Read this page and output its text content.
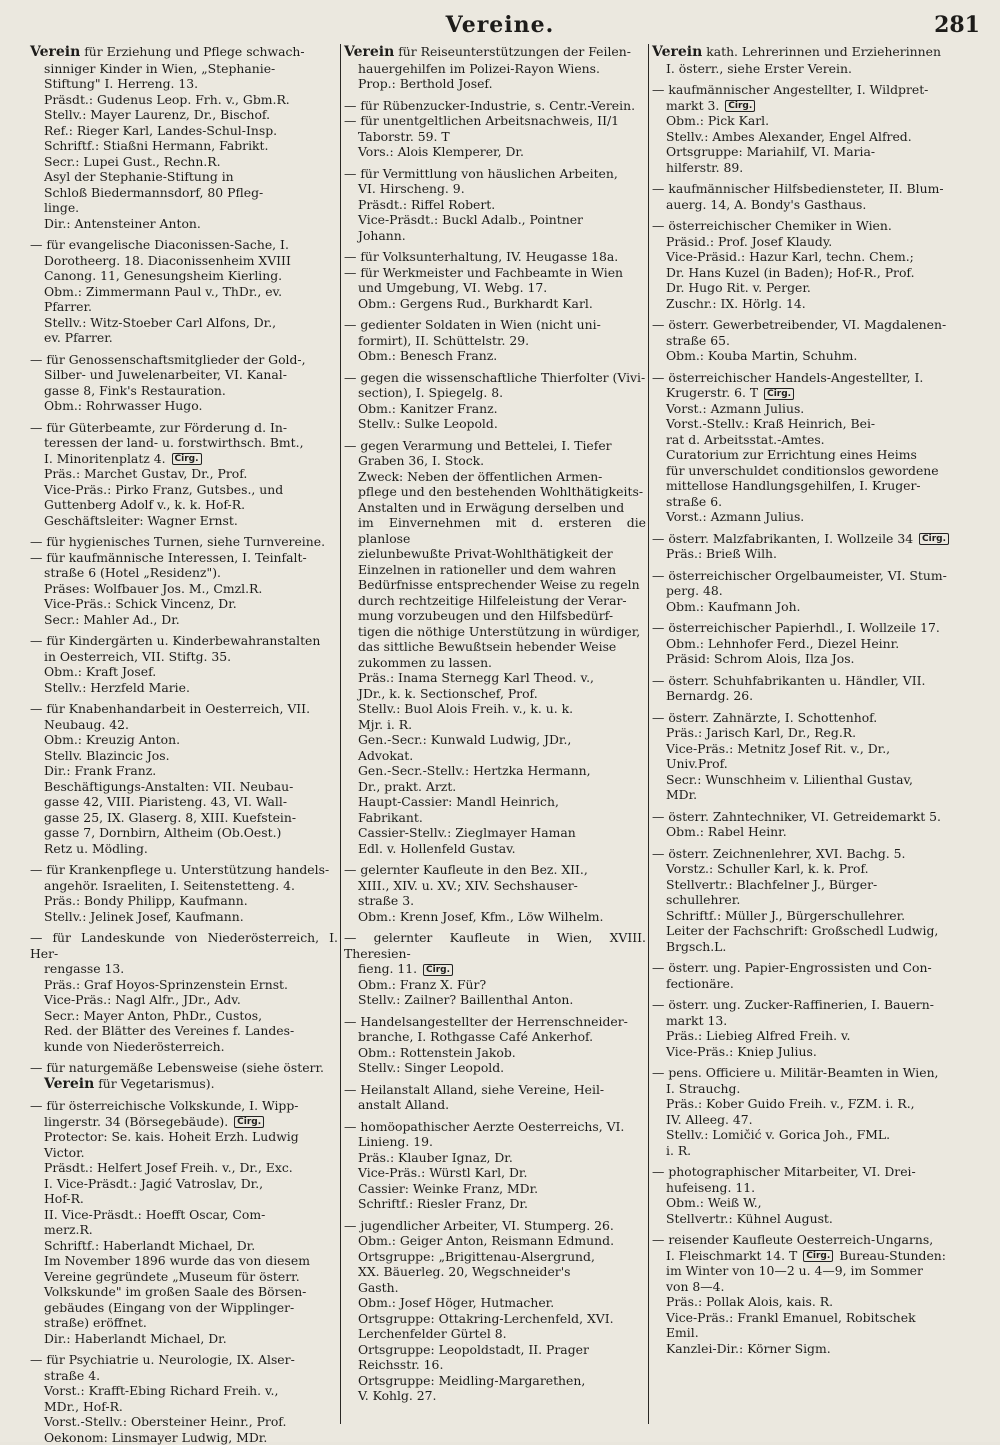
Vereine.	281
Verein für Erziehung und Pflege schwach-
sinniger Kinder in Wien, „Stephanie-
Stiftung" I. Herreng. 13.
Präsdt.: Gudenus Leop. Frh. v., Gbm.R.
Stellv.: Mayer Laurenz, Dr., Bischof.
Ref.: Rieger Karl, Landes-Schul-Insp.
Schriftf.: Stiaßni Hermann, Fabrikt.
Secr.: Lupei Gust., Rechn.R.
Asyl der Stephanie-Stiftung in
Schloß Biedermannsdorf, 80 Pfleg-
linge.
Dir.: Antensteiner Anton.
— für evangelische Diaconissen-Sache, I.
Dorotheerg. 18. Diaconissenheim XVIII
Canong. 11, Genesungsheim Kierling.
Obm.: Zimmermann Paul v., ThDr., ev.
Pfarrer.
Stellv.: Witz-Stoeber Carl Alfons, Dr.,
ev. Pfarrer.
— für Genossenschaftsmitglieder der Gold-,
Silber- und Juwelenarbeiter, VI. Kanal-
gasse 8, Fink's Restauration.
Obm.: Rohrwasser Hugo.
— für Güterbeamte, zur Förderung d. In-
teressen der land- u. forstwirthsch. Bmt.,
I. Minoritenplatz 4. Cirg.
Präs.: Marchet Gustav, Dr., Prof.
Vice-Präs.: Pirko Franz, Gutsbes., und
Guttenberg Adolf v., k. k. Hof-R.
Geschäftsleiter: Wagner Ernst.
— für hygienisches Turnen, siehe Turnvereine.
— für kaufmännische Interessen, I. Teinfalt-
straße 6 (Hotel „Residenz").
Präses: Wolfbauer Jos. M., Cmzl.R.
Vice-Präs.: Schick Vincenz, Dr.
Secr.: Mahler Ad., Dr.
— für Kindergärten u. Kinderbewahranstalten
in Oesterreich, VII. Stiftg. 35.
Obm.: Kraft Josef.
Stellv.: Herzfeld Marie.
— für Knabenhandarbeit in Oesterreich, VII.
Neubaug. 42.
Obm.: Kreuzig Anton.
Stellv. Blazincic Jos.
Dir.: Frank Franz.
Beschäftigungs-Anstalten: VII. Neubau-
gasse 42, VIII. Piaristeng. 43, VI. Wall-
gasse 25, IX. Glaserg. 8, XIII. Kuefstein-
gasse 7, Dornbirn, Altheim (Ob.Oest.)
Retz u. Mödling.
— für Krankenpflege u. Unterstützung handels-
angehör. Israeliten, I. Seitenstetteng. 4.
Präs.: Bondy Philipp, Kaufmann.
Stellv.: Jelinek Josef, Kaufmann.
— für Landeskunde von Niederösterreich, I. Her-
rengasse 13.
Präs.: Graf Hoyos-Sprinzenstein Ernst.
Vice-Präs.: Nagl Alfr., JDr., Adv.
Secr.: Mayer Anton, PhDr., Custos,
Red. der Blätter des Vereines f. Landes-
kunde von Niederösterreich.
— für naturgemäße Lebensweise (siehe österr.
Verein für Vegetarismus).
— für österreichische Volkskunde, I. Wipp-
lingerstr. 34 (Börsegebäude). Cirg.
Protector: Se. kais. Hoheit Erzh. Ludwig
Victor.
Präsdt.: Helfert Josef Freih. v., Dr., Exc.
I. Vice-Präsdt.: Jagić Vatroslav, Dr.,
Hof-R.
II. Vice-Präsdt.: Hoefft Oscar, Com-
merz.R.
Schriftf.: Haberlandt Michael, Dr.
Im November 1896 wurde das von diesem
Vereine gegründete „Museum für österr.
Volkskunde" im großen Saale des Börsen-
gebäudes (Eingang von der Wipplinger-
straße) eröffnet.
Dir.: Haberlandt Michael, Dr.
— für Psychiatrie u. Neurologie, IX. Alser-
straße 4.
Vorst.: Krafft-Ebing Richard Freih. v.,
MDr., Hof-R.
Vorst.-Stellv.: Obersteiner Heinr., Prof.
Oekonom: Linsmayer Ludwig, MDr.
Verein für Reiseunterstützungen der Feilen-
hauergehilfen im Polizei-Rayon Wiens.
Prop.: Berthold Josef.
— für Rübenzucker-Industrie, s. Centr.-Verein.
— für unentgeltlichen Arbeitsnachweis, II/1
Taborstr. 59. T
Vors.: Alois Klemperer, Dr.
— für Vermittlung von häuslichen Arbeiten,
VI. Hirscheng. 9.
Präsdt.: Riffel Robert.
Vice-Präsdt.: Buckl Adalb., Pointner
Johann.
— für Volksunterhaltung, IV. Heugasse 18a.
— für Werkmeister und Fachbeamte in Wien
und Umgebung, VI. Webg. 17.
Obm.: Gergens Rud., Burkhardt Karl.
— gedienter Soldaten in Wien (nicht uni-
formirt), II. Schüttelstr. 29.
Obm.: Benesch Franz.
— gegen die wissenschaftliche Thierfolter (Vivi-
section), I. Spiegelg. 8.
Obm.: Kanitzer Franz.
Stellv.: Sulke Leopold.
— gegen Verarmung und Bettelei, I. Tiefer
Graben 36, I. Stock.
Zweck: Neben der öffentlichen Armen-
pflege und den bestehenden Wohlthätigkeits-
Anstalten und in Erwägung derselben und
im Einvernehmen mit d. ersteren die planlose
zielunbewußte Privat-Wohlthätigkeit der
Einzelnen in rationeller und dem wahren
Bedürfnisse entsprechender Weise zu regeln
durch rechtzeitige Hilfeleistung der Verar-
mung vorzubeugen und den Hilfsbedürf-
tigen die nöthige Unterstützung in würdiger,
das sittliche Bewußtsein hebender Weise
zukommen zu lassen.
Präs.: Inama Sternegg Karl Theod. v.,
JDr., k. k. Sectionschef, Prof.
Stellv.: Buol Alois Freih. v., k. u. k.
Mjr. i. R.
Gen.-Secr.: Kunwald Ludwig, JDr.,
Advokat.
Gen.-Secr.-Stellv.: Hertzka Hermann,
Dr., prakt. Arzt.
Haupt-Cassier: Mandl Heinrich,
Fabrikant.
Cassier-Stellv.: Zieglmayer Haman
Edl. v. Hollenfeld Gustav.
— gelernter Kaufleute in den Bez. XII.,
XIII., XIV. u. XV.; XIV. Sechshauser-
straße 3.
Obm.: Krenn Josef, Kfm., Löw Wilhelm.
— gelernter Kaufleute in Wien, XVIII. Theresien-
fieng. 11. Cirg.
Obm.: Franz X. Für?
Stellv.: Zailner? Baillenthal Anton.
— Handelsangestellter der Herrenschneider-
branche, I. Rothgasse Café Ankerhof.
Obm.: Rottenstein Jakob.
Stellv.: Singer Leopold.
— Heilanstalt Alland, siehe Vereine, Heil-
anstalt Alland.
— homöopathischer Aerzte Oesterreichs, VI.
Linieng. 19.
Präs.: Klauber Ignaz, Dr.
Vice-Präs.: Würstl Karl, Dr.
Cassier: Weinke Franz, MDr.
Schriftf.: Riesler Franz, Dr.
— jugendlicher Arbeiter, VI. Stumperg. 26.
Obm.: Geiger Anton, Reismann Edmund.
Ortsgruppe: „Brigittenau-Alsergrund,
XX. Bäuerleg. 20, Wegschneider's
Gasth.
Obm.: Josef Höger, Hutmacher.
Ortsgruppe: Ottakring-Lerchenfeld, XVI.
Lerchenfelder Gürtel 8.
Ortsgruppe: Leopoldstadt, II. Prager
Reichsstr. 16.
Ortsgruppe: Meidling-Margarethen,
V. Kohlg. 27.
Verein kath. Lehrerinnen und Erzieherinnen
I. österr., siehe Erster Verein.
— kaufmännischer Angestellter, I. Wildpret-
markt 3. Cirg.
Obm.: Pick Karl.
Stellv.: Ambes Alexander, Engel Alfred.
Ortsgruppe: Mariahilf, VI. Maria-
hilferstr. 89.
— kaufmännischer Hilfsbediensteter, II. Blum-
auerg. 14, A. Bondy's Gasthaus.
— österreichischer Chemiker in Wien.
Präsid.: Prof. Josef Klaudy.
Vice-Präsid.: Hazur Karl, techn. Chem.;
Dr. Hans Kuzel (in Baden); Hof-R., Prof.
Dr. Hugo Rit. v. Perger.
Zuschr.: IX. Hörlg. 14.
— österr. Gewerbetreibender, VI. Magdalenen-
straße 65.
Obm.: Kouba Martin, Schuhm.
— österreichischer Handels-Angestellter, I.
Krugerstr. 6. T Cirg.
Vorst.: Azmann Julius.
Vorst.-Stellv.: Kraß Heinrich, Bei-
rat d. Arbeitsstat.-Amtes.
Curatorium zur Errichtung eines Heims
für unverschuldet conditionslos gewordene
mittellose Handlungsgehilfen, I. Kruger-
straße 6.
Vorst.: Azmann Julius.
— österr. Malzfabrikanten, I. Wollzeile 34 Cirg.
Präs.: Brieß Wilh.
— österreichischer Orgelbaumeister, VI. Stum-
perg. 48.
Obm.: Kaufmann Joh.
— österreichischer Papierhdl., I. Wollzeile 17.
Obm.: Lehnhofer Ferd., Diezel Heinr.
Präsid: Schrom Alois, Ilza Jos.
— österr. Schuhfabrikanten u. Händler, VII.
Bernardg. 26.
— österr. Zahnärzte, I. Schottenhof.
Präs.: Jarisch Karl, Dr., Reg.R.
Vice-Präs.: Metnitz Josef Rit. v., Dr.,
Univ.Prof.
Secr.: Wunschheim v. Lilienthal Gustav,
MDr.
— österr. Zahntechniker, VI. Getreidemarkt 5.
Obm.: Rabel Heinr.
— österr. Zeichnenlehrer, XVI. Bachg. 5.
Vorstz.: Schuller Karl, k. k. Prof.
Stellvertr.: Blachfelner J., Bürger-
schullehrer.
Schriftf.: Müller J., Bürgerschullehrer.
Leiter der Fachschrift: Großschedl Ludwig,
Brgsch.L.
— österr. ung. Papier-Engrossisten und Con-
fectionäre.
— österr. ung. Zucker-Raffinerien, I. Bauern-
markt 13.
Präs.: Liebieg Alfred Freih. v.
Vice-Präs.: Kniep Julius.
— pens. Officiere u. Militär-Beamten in Wien,
I. Strauchg.
Präs.: Kober Guido Freih. v., FZM. i. R.,
IV. Alleeg. 47.
Stellv.: Lomičić v. Gorica Joh., FML.
i. R.
— photographischer Mitarbeiter, VI. Drei-
hufeiseng. 11.
Obm.: Weiß W.,
Stellvertr.: Kühnel August.
— reisender Kaufleute Oesterreich-Ungarns,
I. Fleischmarkt 14. T Cirg. Bureau-Stunden:
im Winter von 10—2 u. 4—9, im Sommer
von 8—4.
Präs.: Pollak Alois, kais. R.
Vice-Präs.: Frankl Emanuel, Robitschek
Emil.
Kanzlei-Dir.: Körner Sigm.
